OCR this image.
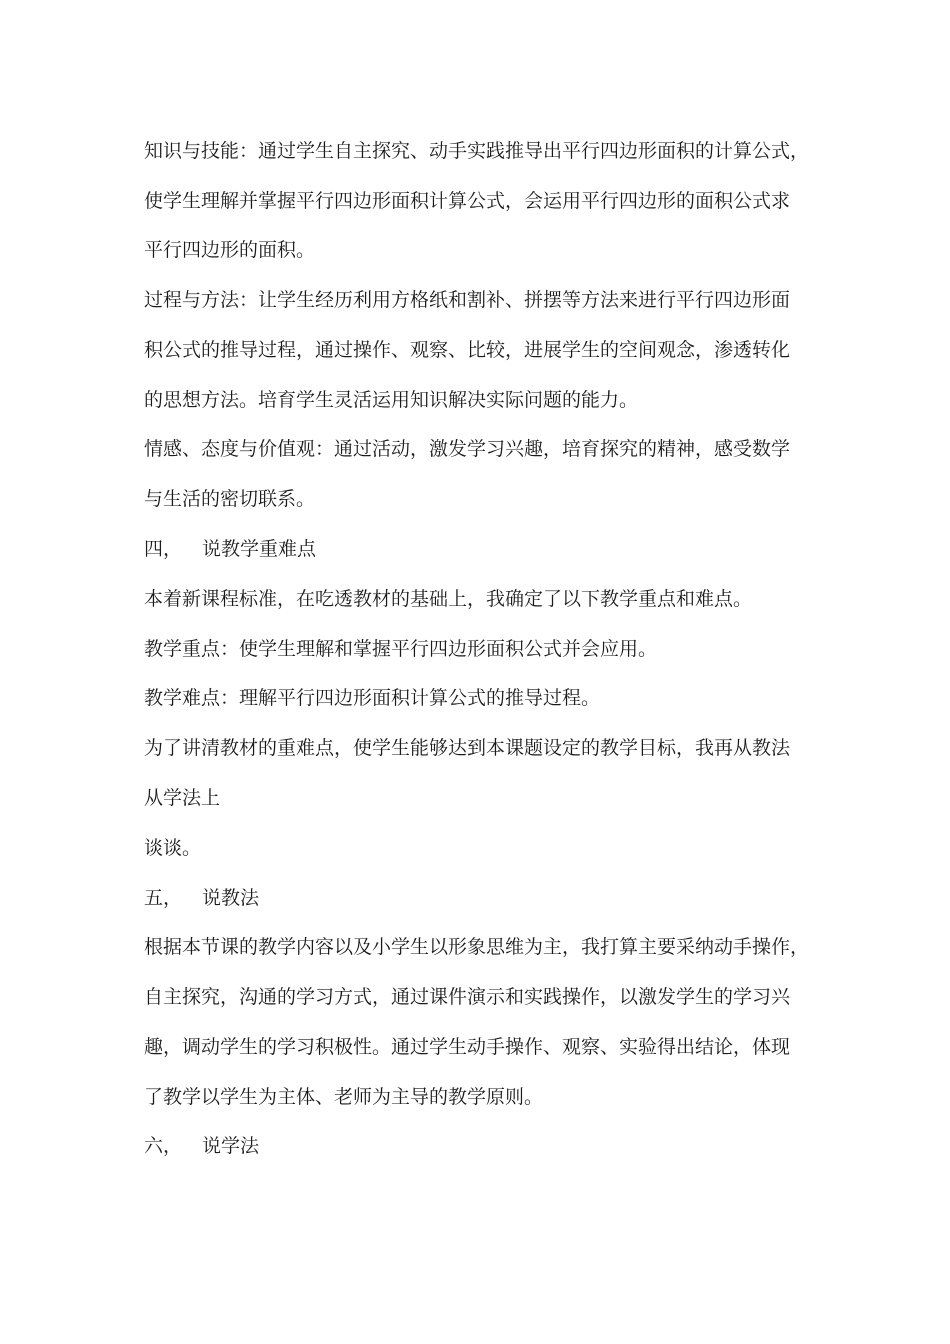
知识与技能：通过学生自主探究、动手实践推导出平行四边形面积的计算公式，
使学生理解并掌握平行四边形面积计算公式，会运用平行四边形的面积公式求
平行四边形的面积。
过程与方法：让学生经历利用方格纸和割补、拼摆等方法来进行平行四边形面
积公式的推导过程，通过操作、观察、比较，进展学生的空间观念，渗透转化
的思想方法。培育学生灵活运用知识解决实际问题的能力。
情感、态度与价值观：通过活动，激发学习兴趣，培育探究的精神，感受数学
与生活的密切联系。
四， 说教学重难点
本着新课程标准，在吃透教材的基础上，我确定了以下教学重点和难点。
教学重点：使学生理解和掌握平行四边形面积公式并会应用。
教学难点：理解平行四边形面积计算公式的推导过程。
为了讲清教材的重难点，使学生能够达到本课题设定的教学目标，我再从教法
从学法上
谈谈。
五， 说教法
根据本节课的教学内容以及小学生以形象思维为主，我打算主要采纳动手操作，
自主探究，沟通的学习方式，通过课件演示和实践操作，以激发学生的学习兴
趣，调动学生的学习积极性。通过学生动手操作、观察、实验得出结论，体现
了教学以学生为主体、老师为主导的教学原则。
六， 说学法
